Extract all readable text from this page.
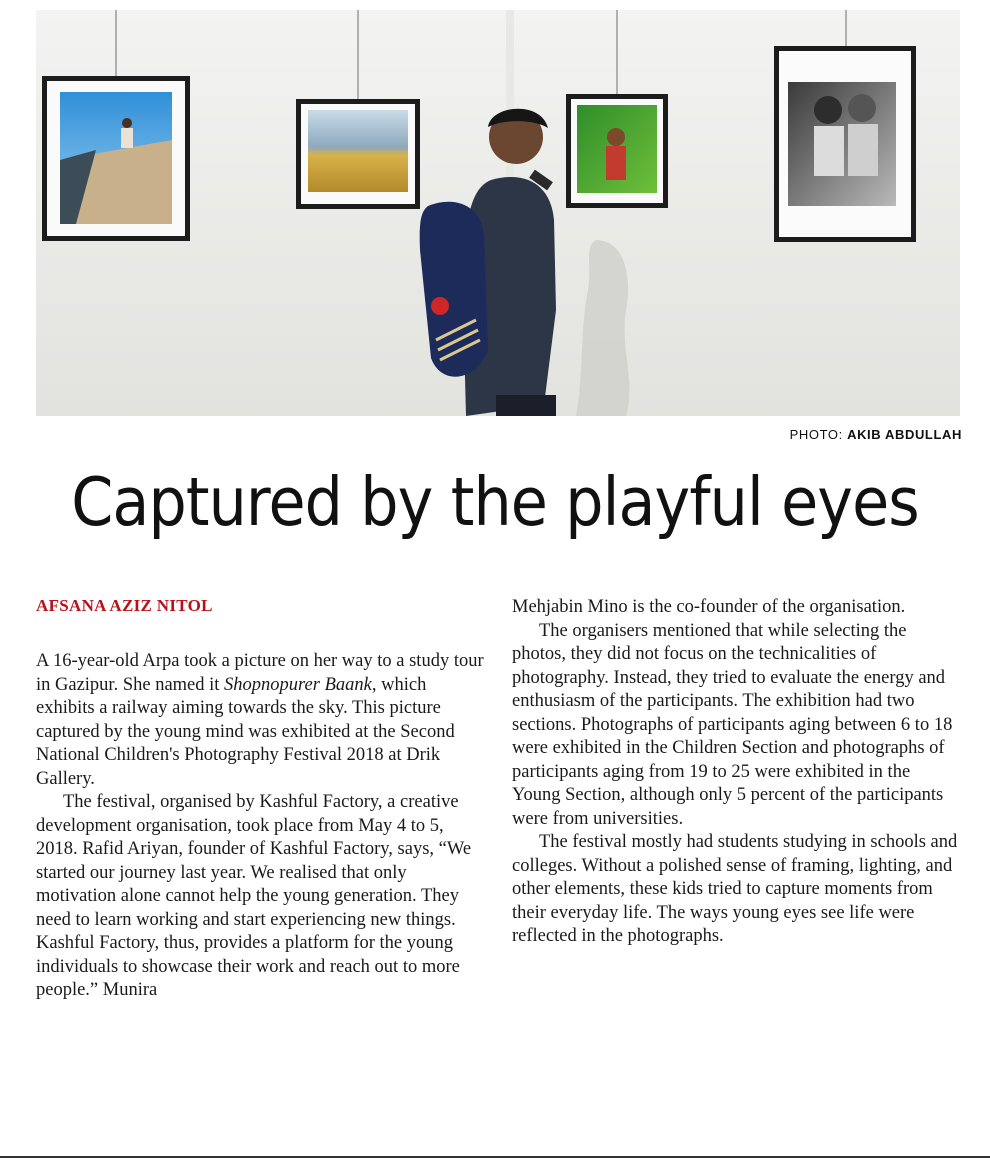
PHOTO: AKIB ABDULLAH
Captured by the playful eyes
AFSANA AZIZ NITOL

A 16-year-old Arpa took a picture on her way to a study tour in Gazipur. She named it Shopnopurer Baank, which exhibits a railway aiming towards the sky. This picture captured by the young mind was exhibited at the Second National Children's Photography Festival 2018 at Drik Gallery.

The festival, organised by Kashful Factory, a creative development organisation, took place from May 4 to 5, 2018. Rafid Ariyan, founder of Kashful Factory, says, “We started our journey last year. We realised that only motivation alone cannot help the young generation. They need to learn working and start experiencing new things. Kashful Factory, thus, provides a platform for the young individuals to showcase their work and reach out to more people.” Munira

Mehjabin Mino is the co-founder of the organisation.

The organisers mentioned that while selecting the photos, they did not focus on the technicalities of photography. Instead, they tried to evaluate the energy and enthusiasm of the participants. The exhibition had two sections. Photographs of participants aging between 6 to 18 were exhibited in the Children Section and photographs of participants aging from 19 to 25 were exhibited in the Young Section, although only 5 percent of the participants were from universities.

The festival mostly had students studying in schools and colleges. Without a polished sense of framing, lighting, and other elements, these kids tried to capture moments from their everyday life. The ways young eyes see life were reflected in the photographs.
